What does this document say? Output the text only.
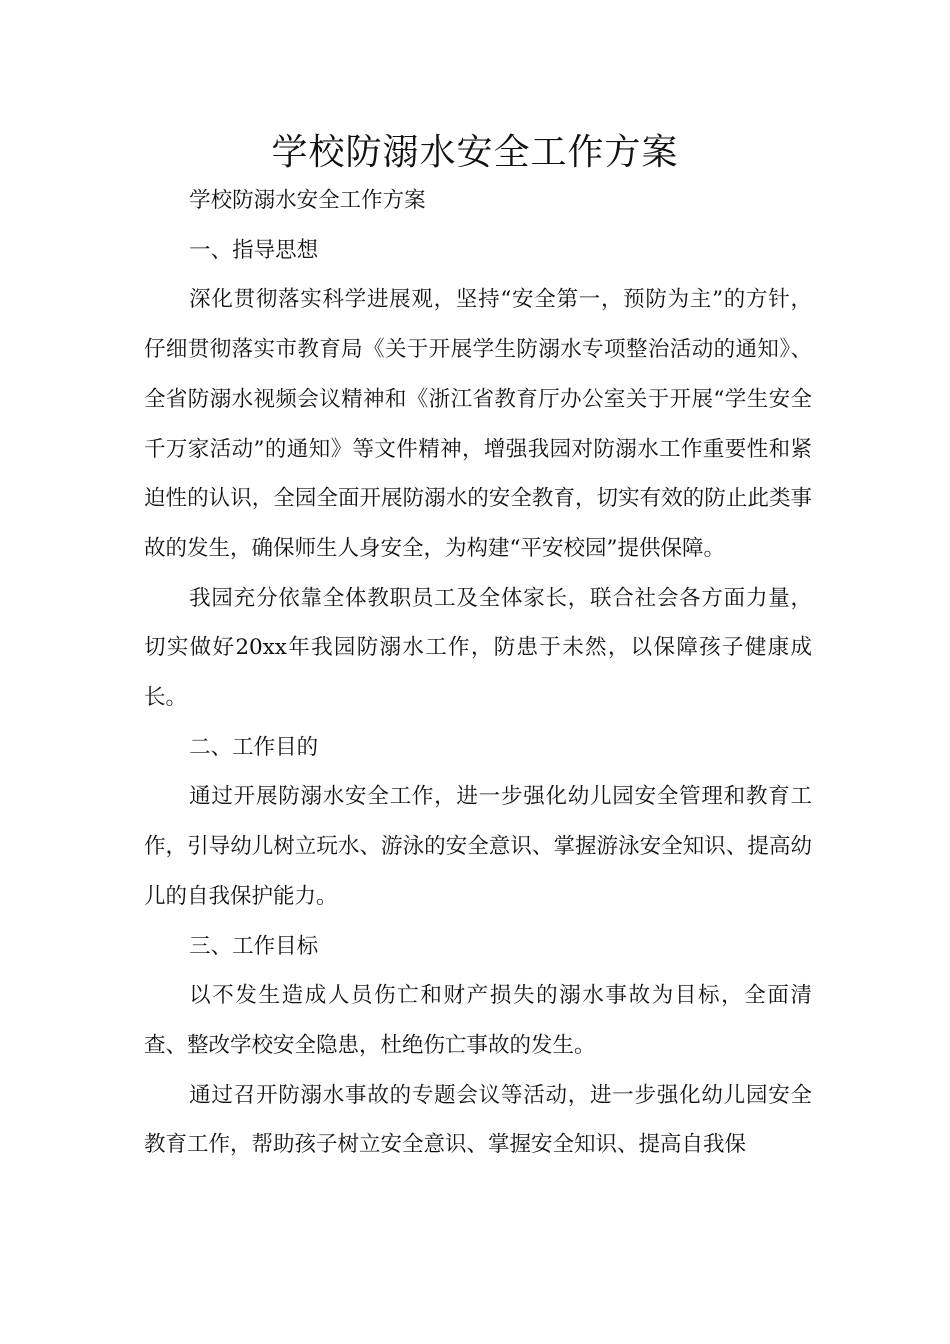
学校防溺水安全工作方案

学校防溺水安全工作方案

一、指导思想

深化贯彻落实科学进展观，坚持“安全第一，预防为主”的方针，仔细贯彻落实市教育局《关于开展学生防溺水专项整治活动的通知》、全省防溺水视频会议精神和《浙江省教育厅办公室关于开展“学生安全千万家活动”的通知》等文件精神，增强我园对防溺水工作重要性和紧迫性的认识，全园全面开展防溺水的安全教育，切实有效的防止此类事故的发生，确保师生人身安全，为构建“平安校园”提供保障。

我园充分依靠全体教职员工及全体家长，联合社会各方面力量，切实做好20xx年我园防溺水工作，防患于未然，以保障孩子健康成长。

二、工作目的

通过开展防溺水安全工作，进一步强化幼儿园安全管理和教育工作，引导幼儿树立玩水、游泳的安全意识、掌握游泳安全知识、提高幼儿的自我保护能力。

三、工作目标

以不发生造成人员伤亡和财产损失的溺水事故为目标，全面清查、整改学校安全隐患，杜绝伤亡事故的发生。

通过召开防溺水事故的专题会议等活动，进一步强化幼儿园安全教育工作，帮助孩子树立安全意识、掌握安全知识、提高自我保
